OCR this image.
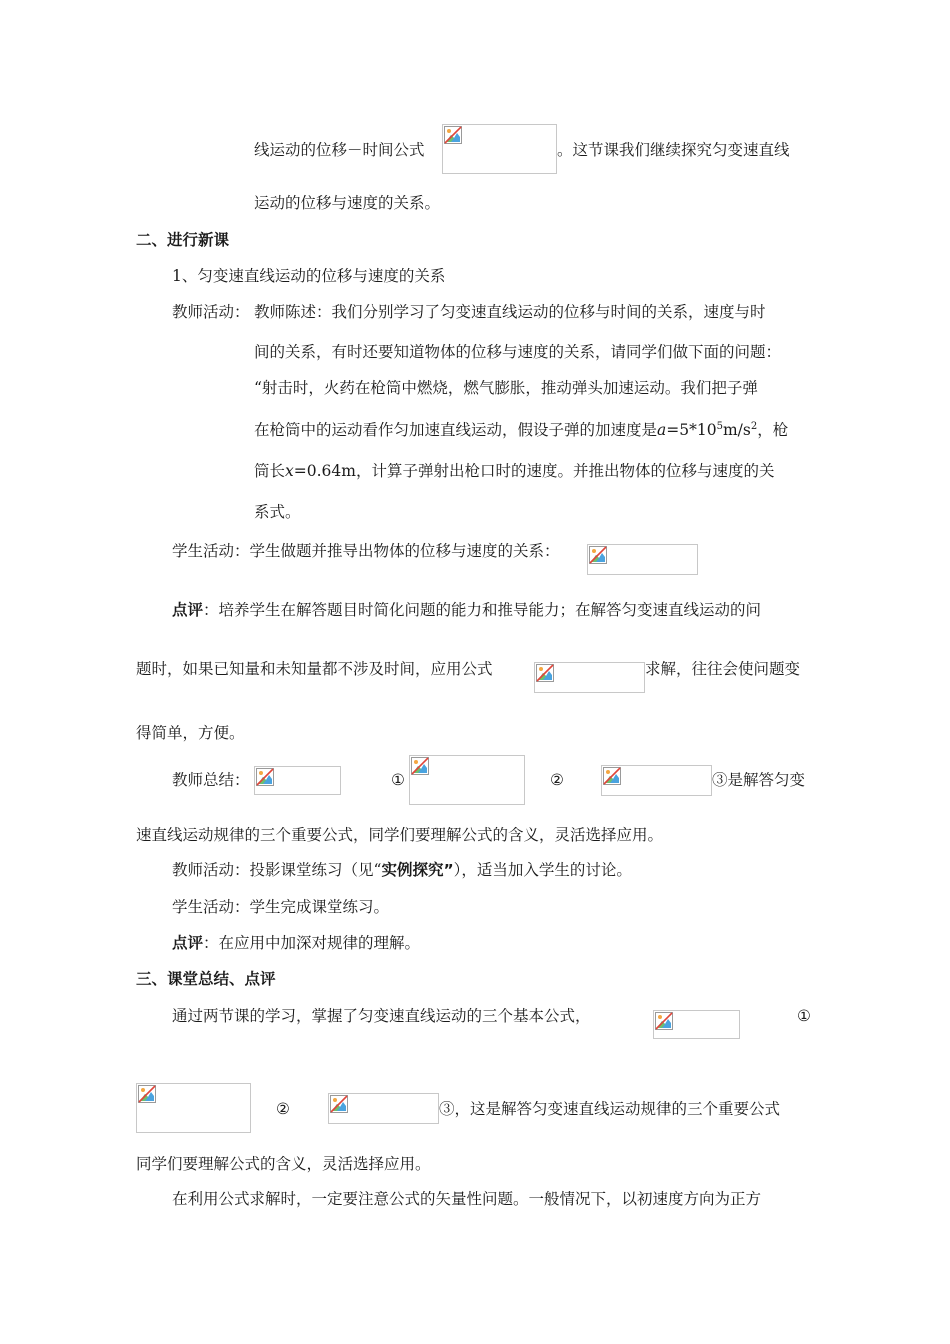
线运动的位移－时间公式	。这节课我们继续探究匀变速直线
运动的位移与速度的关系。
二、进行新课
1、匀变速直线运动的位移与速度的关系
教师活动： 教师陈述：我们分别学习了匀变速直线运动的位移与时间的关系，速度与时
间的关系，有时还要知道物体的位移与速度的关系，请同学们做下面的问题：
“射击时，火药在枪筒中燃烧，燃气膨胀，推动弹头加速运动。我们把子弹
在枪筒中的运动看作匀加速直线运动，假设子弹的加速度是$a=5*10^5m/s^2$，枪
筒长x=0.64m，计算子弹射出枪口时的速度。并推出物体的位移与速度的关
系式。
学生活动：学生做题并推导出物体的位移与速度的关系：
点评：培养学生在解答题目时简化问题的能力和推导能力；在解答匀变速直线运动的问
题时，如果已知量和未知量都不涉及时间，应用公式	求解，往往会使问题变
得简单，方便。
教师总结：	①	②	③是解答匀变
速直线运动规律的三个重要公式，同学们要理解公式的含义，灵活选择应用。
教师活动：投影课堂练习（见“实例探究”），适当加入学生的讨论。
学生活动：学生完成课堂练习。
点评：在应用中加深对规律的理解。
三、课堂总结、点评
通过两节课的学习，掌握了匀变速直线运动的三个基本公式，	①
②	③，这是解答匀变速直线运动规律的三个重要公式
同学们要理解公式的含义，灵活选择应用。
在利用公式求解时，一定要注意公式的矢量性问题。一般情况下，以初速度方向为正方
